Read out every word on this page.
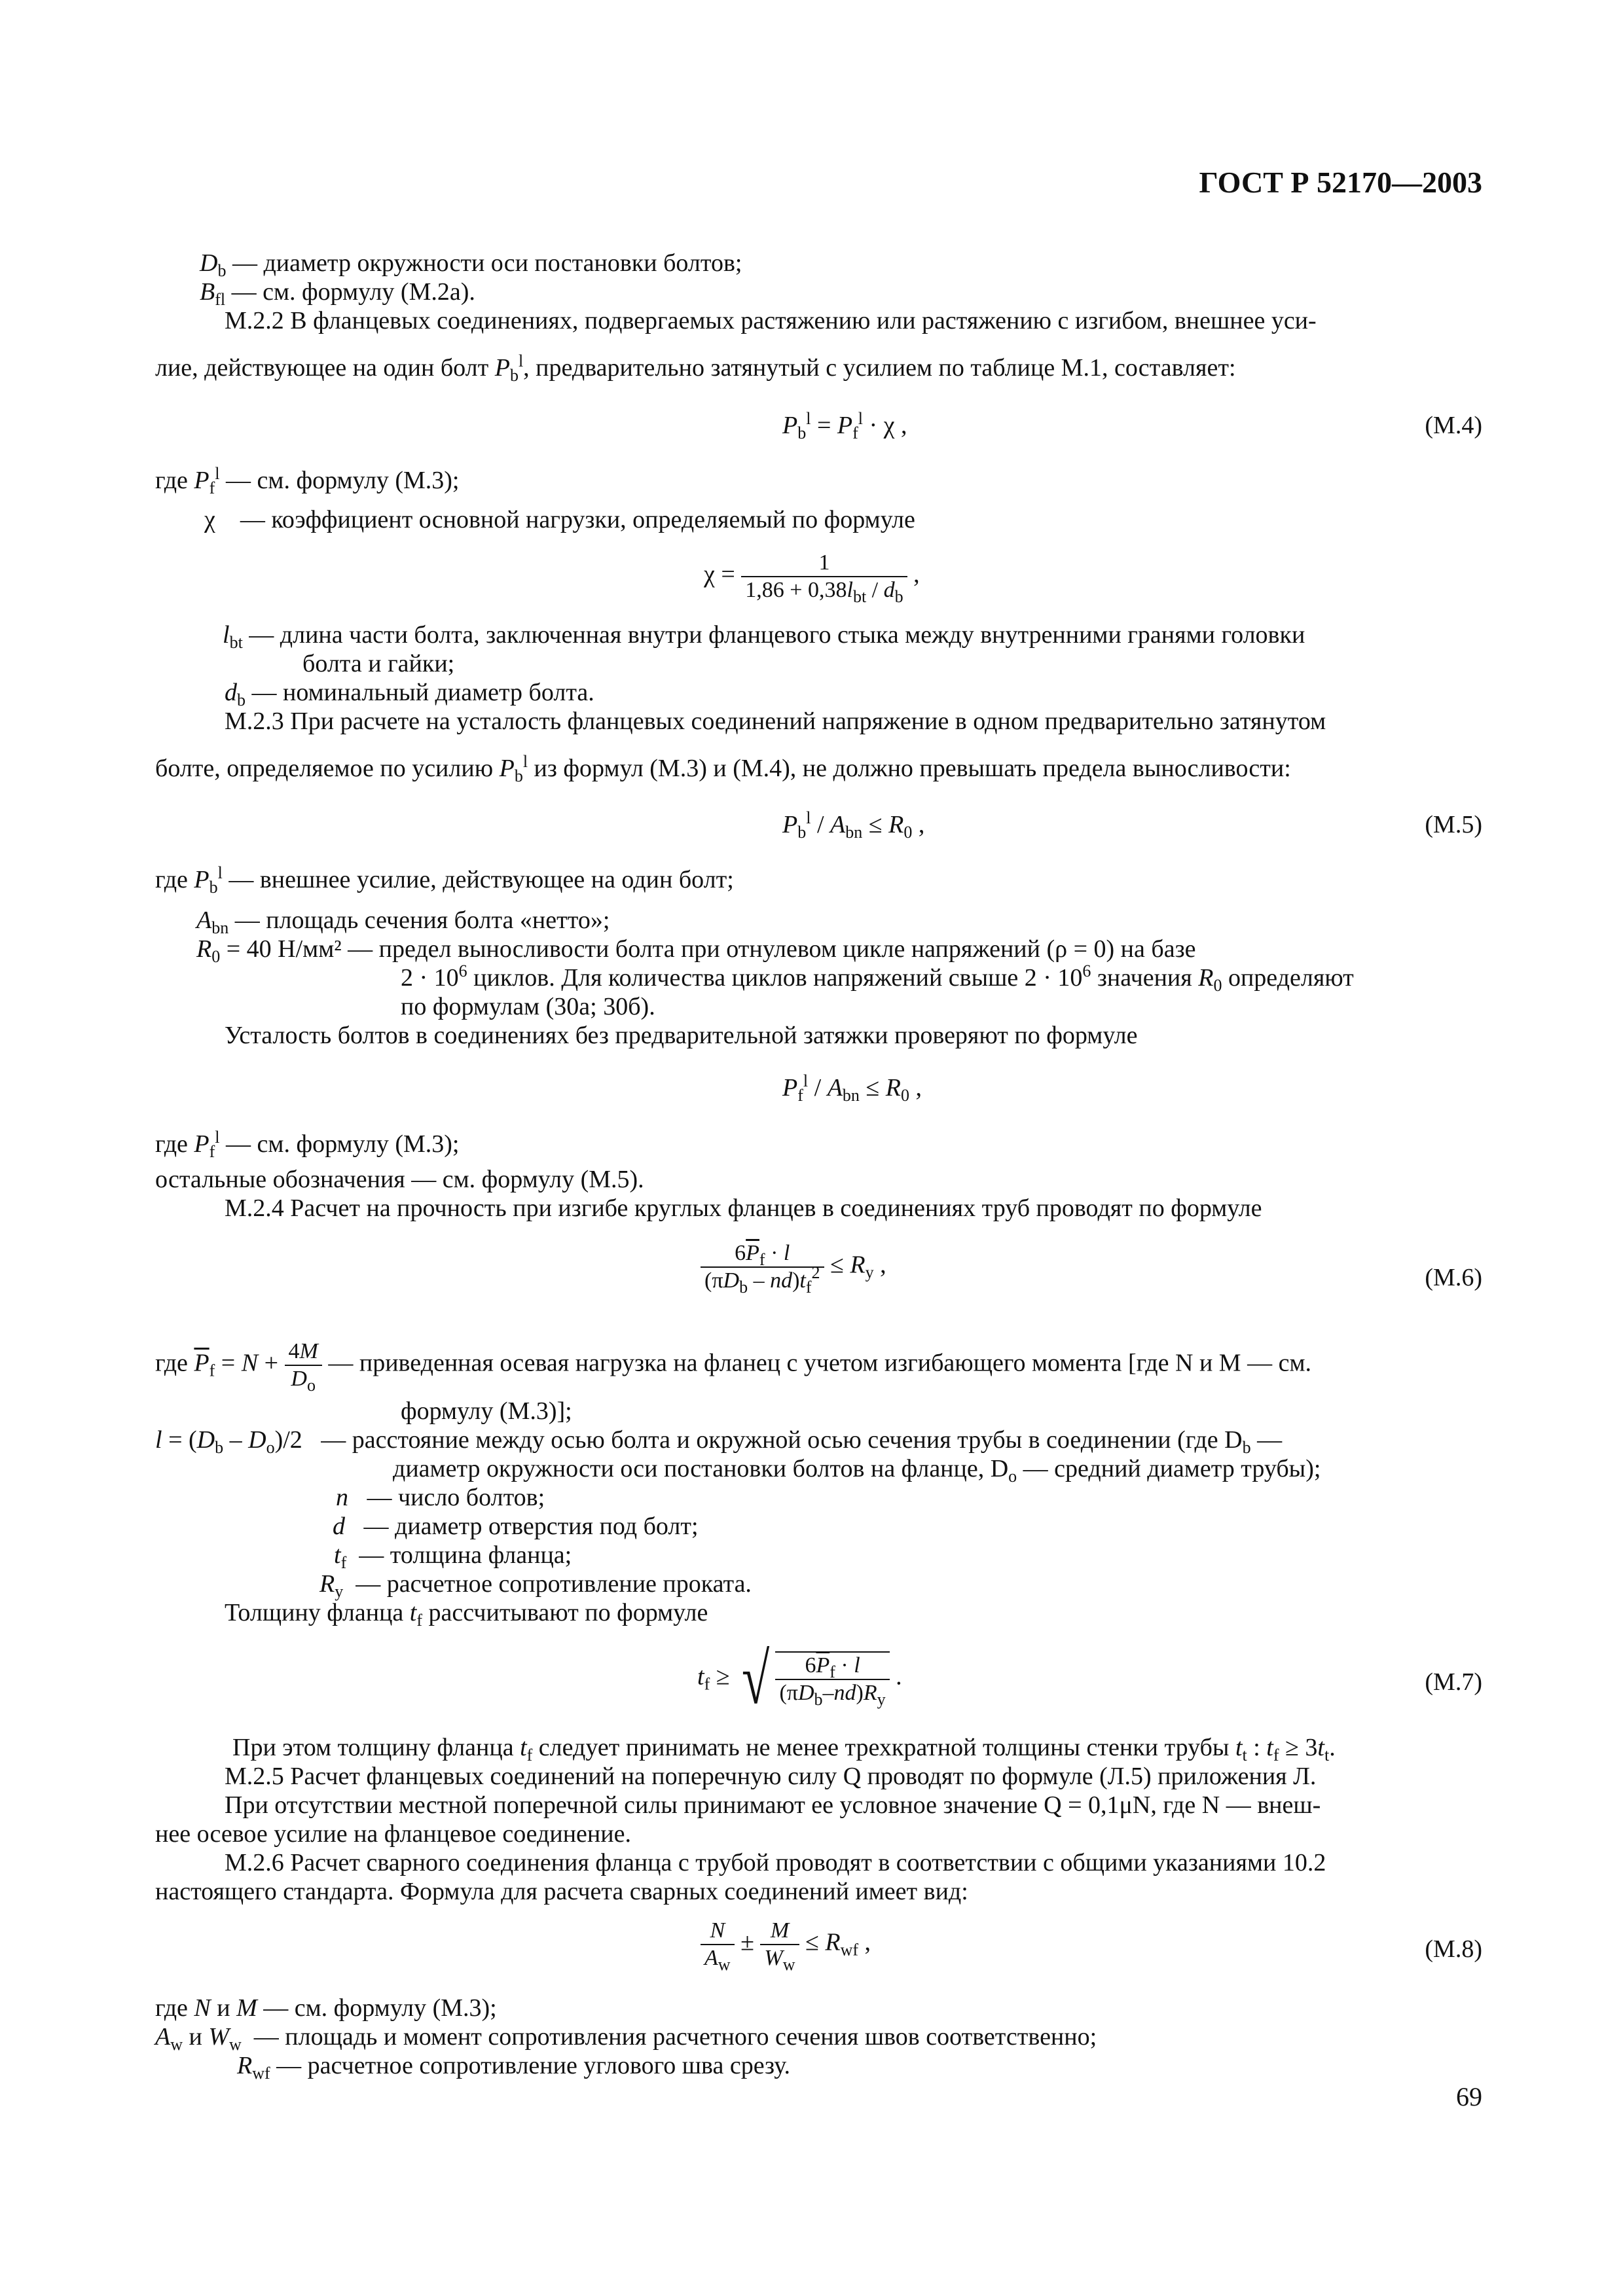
ГОСТ Р 52170—2003
$D_b$ — диаметр окружности оси постановки болтов;
$B_{fl}$ — см. формулу (М.2а).
М.2.2 В фланцевых соединениях, подвергаемых растяжению или растяжению с изгибом, внешнее уси-
лие, действующее на один болт $P_b^l$, предварительно затянутый с усилием по таблице М.1, составляет:
$P_b^l = P_f^l \cdot \chi$ ,	(М.4)
где $P_f^l$ — см. формулу (М.3);
χ    — коэффициент основной нагрузки, определяемый по формуле
$\chi = \frac{1}{1,86 + 0,38l_{bt} / d_b}$ ,
$l_{bt}$ — длина части болта, заключенная внутри фланцевого стыка между внутренними гранями головки
болта и гайки;
$d_b$ — номинальный диаметр болта.
М.2.3 При расчете на усталость фланцевых соединений напряжение в одном предварительно затянутом
болте, определяемое по усилию $P_b^l$ из формул (М.3) и (М.4), не должно превышать предела выносливости:
$P_b^l / A_{bn} \le R_0$ ,	(М.5)
где $P_b^l$ — внешнее усилие, действующее на один болт;
$A_{bn}$ — площадь сечения болта «нетто»;
$R_0 = 40$ Н/мм² — предел выносливости болта при отнулевом цикле напряжений (ρ = 0) на базе
$2 \cdot 10^6$ циклов. Для количества циклов напряжений свыше $2 \cdot 10^6$ значения $R_0$ определяют
по формулам (30а; 30б).
Усталость болтов в соединениях без предварительной затяжки проверяют по формуле
$P_f^l / A_{bn} \le R_0$ ,
где $P_f^l$ — см. формулу (М.3);
остальные обозначения — см. формулу (М.5).
М.2.4 Расчет на прочность при изгибе круглых фланцев в соединениях труб проводят по формуле
$\frac{6\overline{P}_f \cdot l}{(\pi D_b - nd)t_f^2} \le R_y$ ,	(М.6)
где $\overline{P}_f = N + \frac{4M}{D_o}$ — приведенная осевая нагрузка на фланец с учетом изгибающего момента [где N и M — см.
формулу (М.3)];
$l = (D_b - D_o)/2$   — расстояние между осью болта и окружной осью сечения трубы в соединении (где $D_b$ —
диаметр окружности оси постановки болтов на фланце, $D_o$ — средний диаметр трубы);
n — число болтов;
d — диаметр отверстия под болт;
$t_f$ — толщина фланца;
$R_y$ — расчетное сопротивление проката.
Толщину фланца $t_f$ рассчитывают по формуле
$t_f$ ≥ √ $\frac{6\overline{P}_f \cdot l}{(\pi D_b-nd)R_y}$ .	(М.7)
При этом толщину фланца $t_f$ следует принимать не менее трехкратной толщины стенки трубы $t_t$ : $t_f \ge 3t_t$.
М.2.5 Расчет фланцевых соединений на поперечную силу Q проводят по формуле (Л.5) приложения Л.
При отсутствии местной поперечной силы принимают ее условное значение Q = 0,1μN, где N — внеш-
нее осевое усилие на фланцевое соединение.
М.2.6 Расчет сварного соединения фланца с трубой проводят в соответствии с общими указаниями 10.2
настоящего стандарта. Формула для расчета сварных соединений имеет вид:
$\frac{N}{A_w} \pm \frac{M}{W_w} \le R_{wf}$ ,	(М.8)
где N и M — см. формулу (М.3);
$A_w$ и $W_w$ — площадь и момент сопротивления расчетного сечения швов соответственно;
$R_{wf}$ — расчетное сопротивление углового шва срезу.
69
